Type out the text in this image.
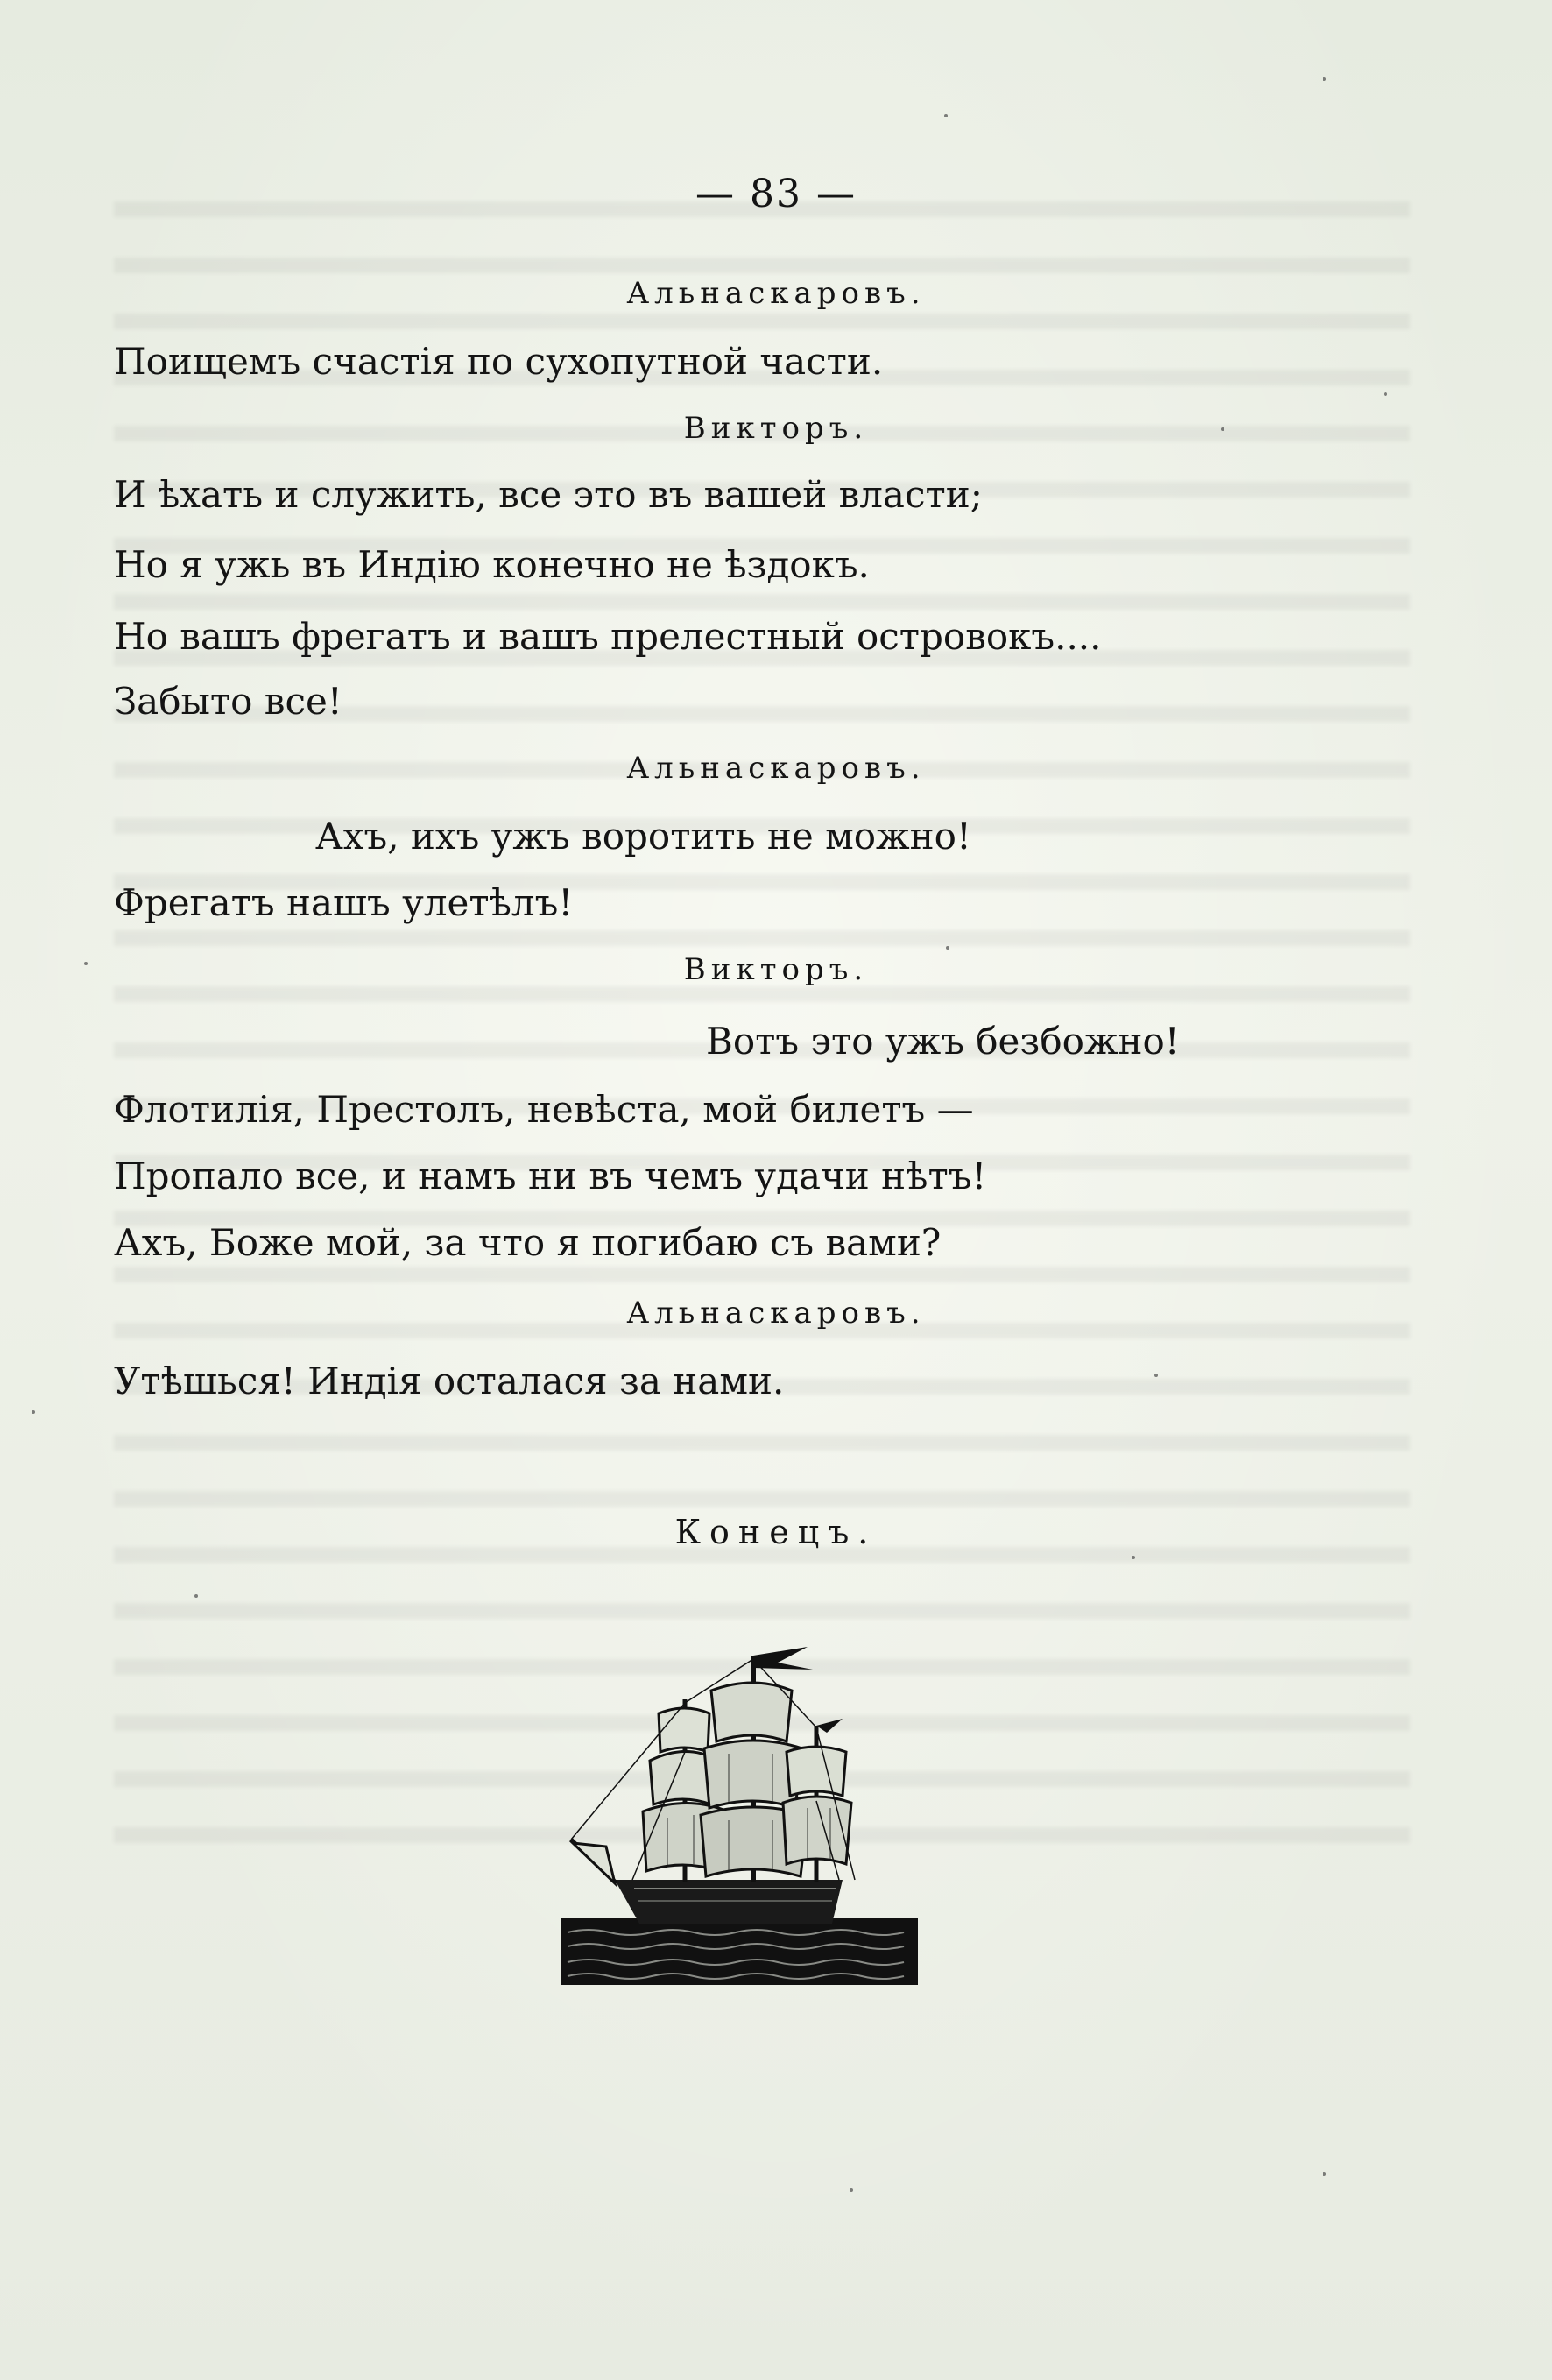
— 83 —
Альнаскаровъ.
Поищемъ счастія по сухопутной части.
Викторъ.
И ѣхать и служить, все это въ вашей власти;
Но я ужь въ Индію конечно не ѣздокъ.
Но вашъ фрегатъ и вашъ прелестный островокъ....
Забыто все!
Альнаскаровъ.
Ахъ, ихъ ужъ воротить не можно!
Фрегатъ нашъ улетѣлъ!
Викторъ.
Вотъ это ужъ безбожно!
Флотилія, Престолъ, невѣста, мой билетъ —
Пропало все, и намъ ни въ чемъ удачи нѣтъ!
Ахъ, Боже мой, за что я погибаю съ вами?
Альнаскаровъ.
Утѣшься! Индія осталася за нами.
Конецъ.
